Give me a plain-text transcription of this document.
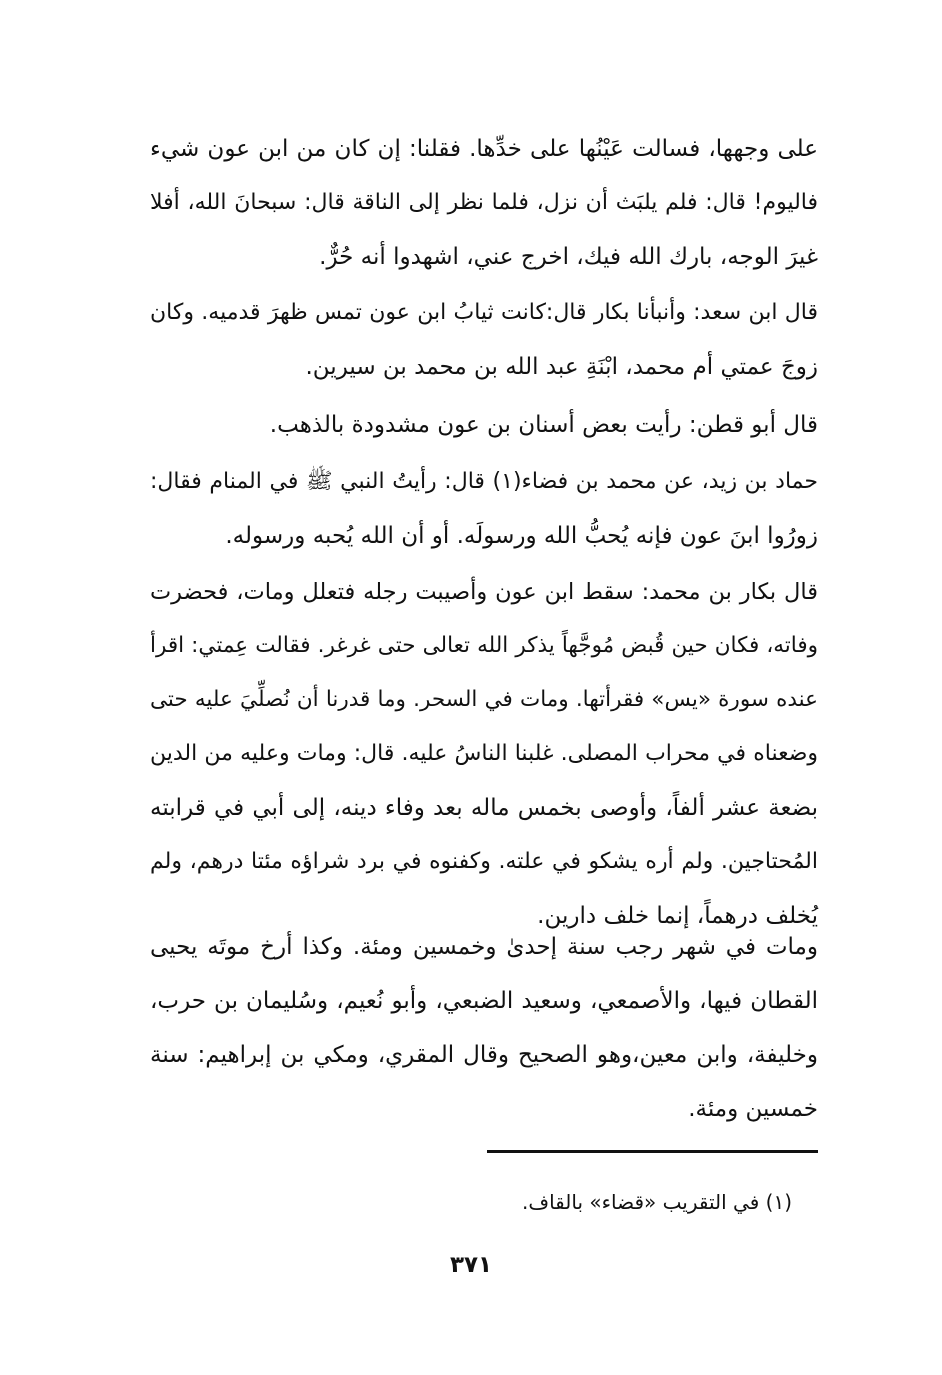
على وجهها، فسالت عَيْنُها على خدِّها. فقلنا: إن كان من ابن عون شيء
فاليوم! قال: فلم يلبَث أن نزل، فلما نظر إلى الناقة قال: سبحانَ الله، أفلا
غيرَ الوجه، بارك الله فيك، اخرج عني، اشهدوا أنه حُرٌّ.
قال ابن سعد: وأنبأنا بكار قال:كانت ثيابُ ابن عون تمس ظهرَ قدميه. وكان
زوجَ عمتي أم محمد، ابْنَةِ عبد الله بن محمد بن سيرين.
قال أبو قطن: رأيت بعض أسنان بن عون مشدودة بالذهب.
حماد بن زيد، عن محمد بن فضاء(١) قال: رأيتُ النبي ﷺ في المنام فقال:
زورُوا ابنَ عون فإنه يُحبُّ الله ورسولَه. أو أن الله يُحبه ورسوله.
قال بكار بن محمد: سقط ابن عون وأصيبت رجله فتعلل ومات، فحضرت
وفاته، فكان حين قُبض مُوجَّهاً يذكر الله تعالى حتى غرغر. فقالت عِمتي: اقرأ
عنده سورة «يس» فقرأتها. ومات في السحر. وما قدرنا أن نُصلِّيَ عليه حتى
وضعناه في محراب المصلى. غلبنا الناسُ عليه. قال: ومات وعليه من الدين
بضعة عشر ألفاً، وأوصى بخمس ماله بعد وفاء دينه، إلى أبي في قرابته
المُحتاجين. ولم أره يشكو في علته. وكفنوه في برد شراؤه مئتا درهم، ولم
يُخلف درهماً، إنما خلف دارين.
ومات في شهر رجب سنة إحدىٰ وخمسين ومئة. وكذا أرخ موتَه يحيى
القطان فيها، والأصمعي، وسعيد الضبعي، وأبو نُعيم، وسُليمان بن حرب،
وخليفة، وابن معين،وهو الصحيح وقال المقري، ومكي بن إبراهيم: سنة
خمسين ومئة.
(١) في التقريب «قضاء» بالقاف.
٣٧١
